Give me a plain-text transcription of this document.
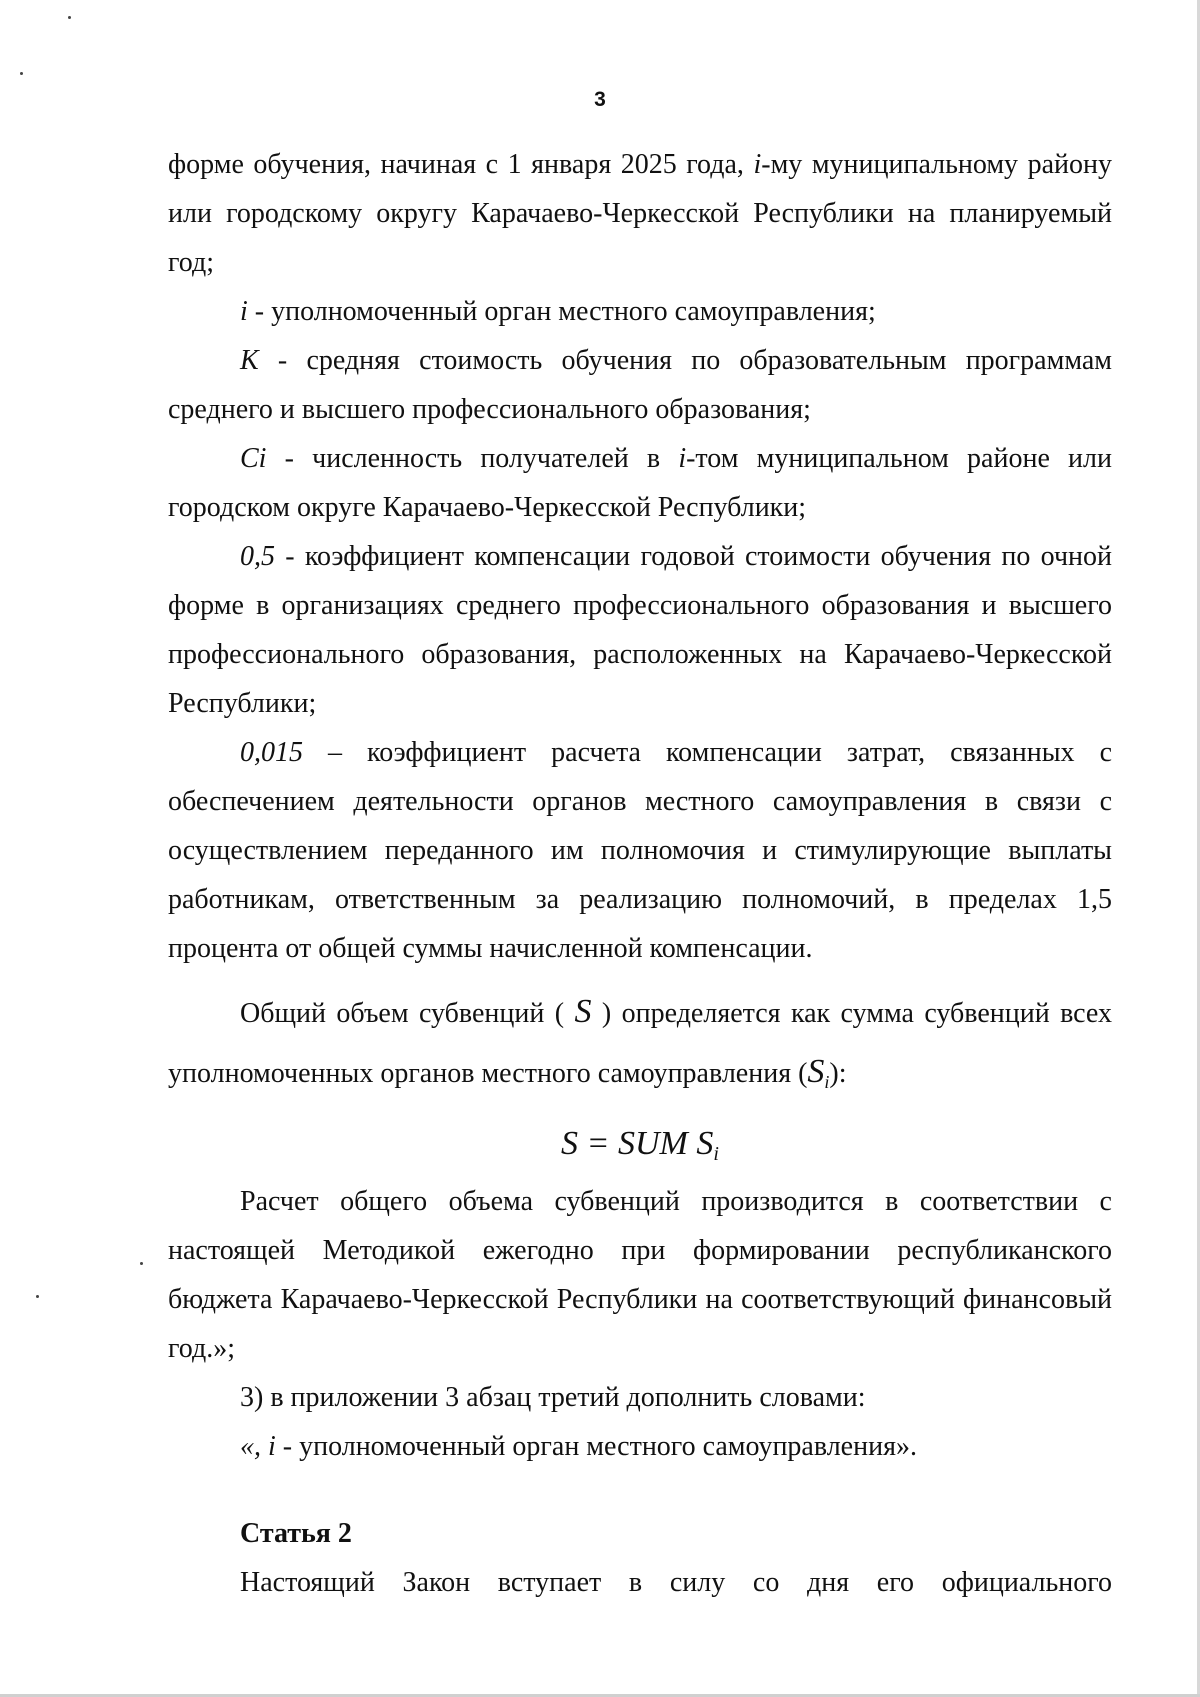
3

форме обучения, начиная с 1 января 2025 года, i-му муниципальному району или городскому округу Карачаево-Черкесской Республики на планируемый год;

i - уполномоченный орган местного самоуправления;

K - средняя стоимость обучения по образовательным программам среднего и высшего профессионального образования;

Ci - численность получателей в i-том муниципальном районе или городском округе Карачаево-Черкесской Республики;

0,5 - коэффициент компенсации годовой стоимости обучения по очной форме в организациях среднего профессионального образования и высшего профессионального образования, расположенных на Карачаево-Черкесской Республики;

0,015 – коэффициент расчета компенсации затрат, связанных с обеспечением деятельности органов местного самоуправления в связи с осуществлением переданного им полномочия и стимулирующие выплаты работникам, ответственным за реализацию полномочий, в пределах 1,5 процента от общей суммы начисленной компенсации.

Общий объем субвенций ( S ) определяется как сумма субвенций всех уполномоченных органов местного самоуправления $(S_i)$:

S = SUM $S_i$

Расчет общего объема субвенций производится в соответствии с настоящей Методикой ежегодно при формировании республиканского бюджета Карачаево-Черкесской Республики на соответствующий финансовый год.»;

3) в приложении 3 абзац третий дополнить словами:

«, i - уполномоченный орган местного самоуправления».

Статья 2

Настоящий Закон вступает в силу со дня его официального
